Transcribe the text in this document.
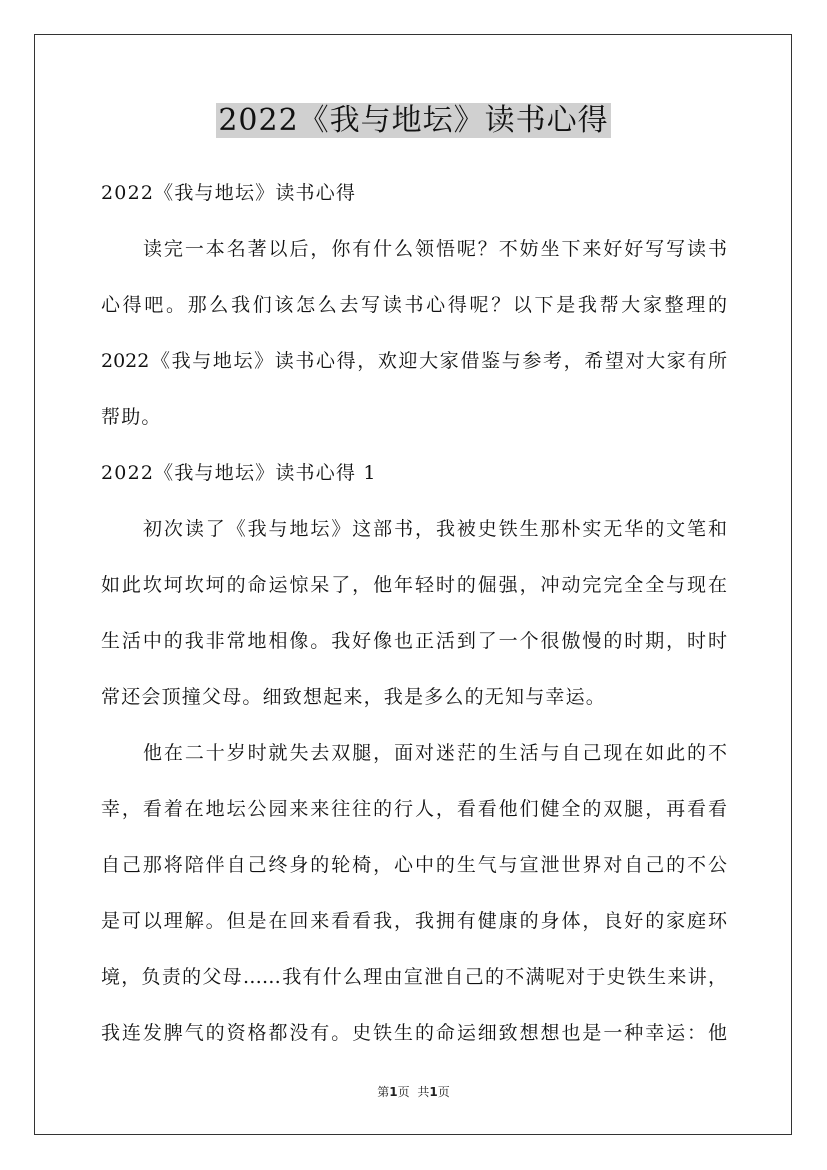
2022《我与地坛》读书心得
2022《我与地坛》读书心得
读完一本名著以后，你有什么领悟呢？不妨坐下来好好写写读书
心得吧。那么我们该怎么去写读书心得呢？以下是我帮大家整理的
2022《我与地坛》读书心得，欢迎大家借鉴与参考，希望对大家有所
帮助。
2022《我与地坛》读书心得 1
初次读了《我与地坛》这部书，我被史铁生那朴实无华的文笔和
如此坎坷坎坷的命运惊呆了，他年轻时的倔强，冲动完完全全与现在
生活中的我非常地相像。我好像也正活到了一个很傲慢的时期，时时
常还会顶撞父母。细致想起来，我是多么的无知与幸运。
他在二十岁时就失去双腿，面对迷茫的生活与自己现在如此的不
幸，看着在地坛公园来来往往的行人，看看他们健全的双腿，再看看
自己那将陪伴自己终身的轮椅，心中的生气与宣泄世界对自己的不公
是可以理解。但是在回来看看我，我拥有健康的身体，良好的家庭环
境，负责的父母……我有什么理由宣泄自己的不满呢对于史铁生来讲，
我连发脾气的资格都没有。史铁生的命运细致想想也是一种幸运：他
第1页 共1页
